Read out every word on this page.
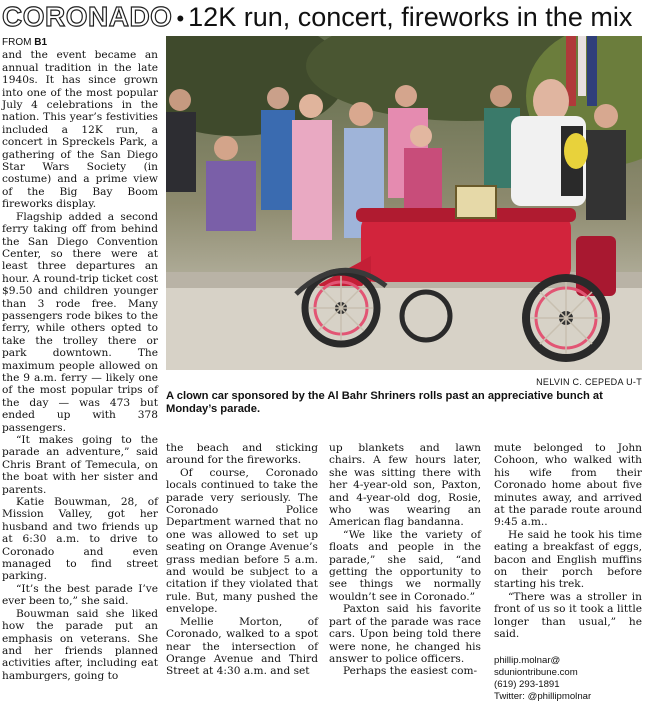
CORONADO • 12K run, concert, fireworks in the mix
FROM B1

and the event became an annual tradition in the late 1940s. It has since grown into one of the most popular July 4 celebrations in the nation. This year’s festivities included a 12K run, a concert in Spreckels Park, a gathering of the San Diego Star Wars Society (in costume) and a prime view of the Big Bay Boom fireworks display.

Flagship added a second ferry taking off from behind the San Diego Convention Center, so there were at least three departures an hour. A round-trip ticket cost $9.50 and children younger than 3 rode free. Many passengers rode bikes to the ferry, while others opted to take the trolley there or park downtown. The maximum people allowed on the 9 a.m. ferry — likely one of the most popular trips of the day — was 473 but ended up with 378 passengers.

“It makes going to the parade an adventure,” said Chris Brant of Temecula, on the boat with her sister and parents.

Katie Bouwman, 28, of Mission Valley, got her husband and two friends up at 6:30 a.m. to drive to Coronado and even managed to find street parking.

“It’s the best parade I’ve ever been to,” she said.

Bouwman said she liked how the parade put an emphasis on veterans. She and her friends planned activities after, including eat hamburgers, going to

NELVIN C. CEPEDA U-T
A clown car sponsored by the Al Bahr Shriners rolls past an appreciative bunch at Monday’s parade.

the beach and sticking around for the fireworks.

Of course, Coronado locals continued to take the parade very seriously. The Coronado Police Department warned that no one was allowed to set up seating on Orange Avenue’s grass median before 5 a.m. and would be subject to a citation if they violated that rule. But, many pushed the envelope.

Mellie Morton, of Coronado, walked to a spot near the intersection of Orange Avenue and Third Street at 4:30 a.m. and set

up blankets and lawn chairs. A few hours later, she was sitting there with her 4-year-old son, Paxton, and 4-year-old dog, Rosie, who was wearing an American flag bandanna.

“We like the variety of floats and people in the parade,” she said, “and getting the opportunity to see things we normally wouldn’t see in Coronado.”

Paxton said his favorite part of the parade was race cars. Upon being told there were none, he changed his answer to police officers.

Perhaps the easiest com-

mute belonged to John Cohoon, who walked with his wife from their Coronado home about five minutes away, and arrived at the parade route around 9:45 a.m..

He said he took his time eating a breakfast of eggs, bacon and English muffins on their porch before starting his trek.

“There was a stroller in front of us so it took a little longer than usual,” he said.

phillip.molnar@
sduniontribune.com
(619) 293-1891
Twitter: @phillipmolnar
